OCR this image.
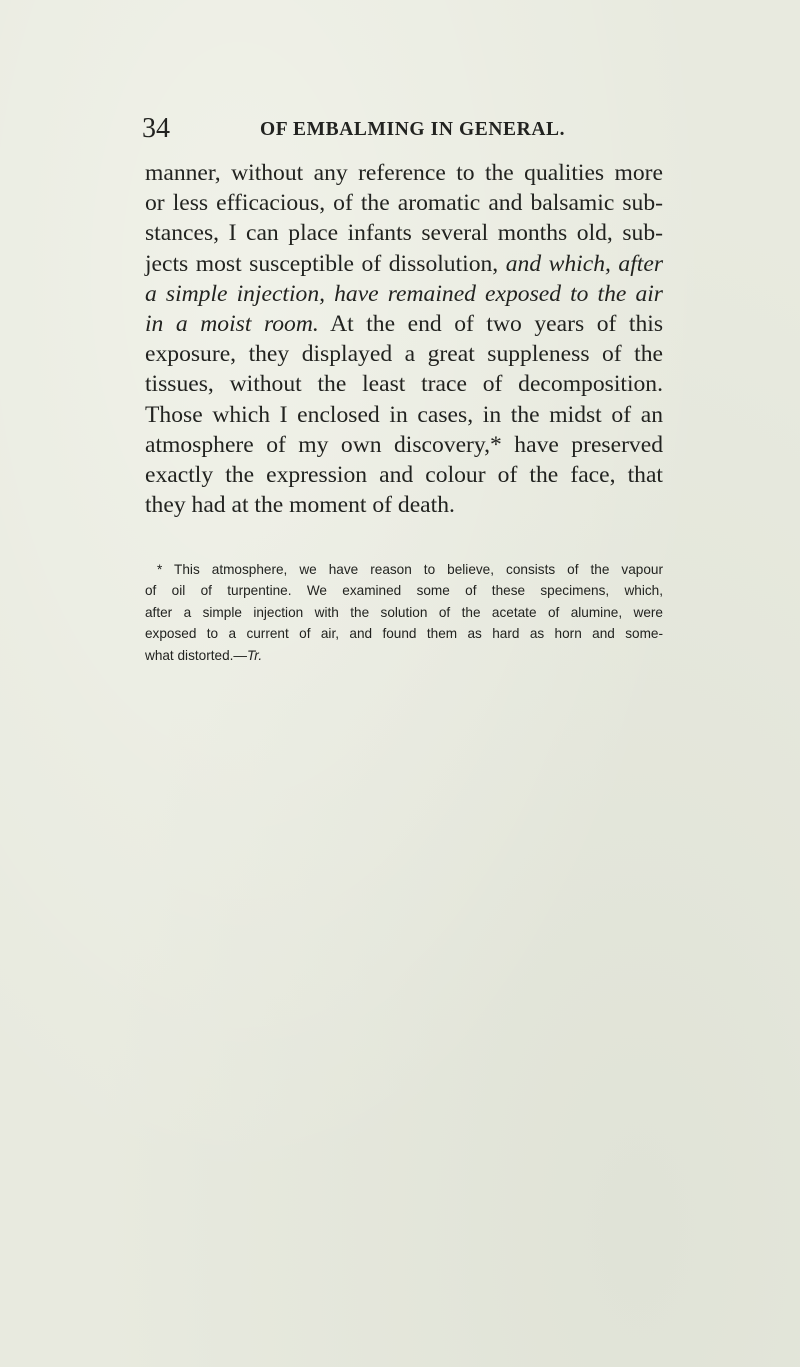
34	OF EMBALMING IN GENERAL.
manner, without any reference to the qualities more
or less efficacious, of the aromatic and balsamic sub-
stances, I can place infants several months old, sub-
jects most susceptible of dissolution, and which, after
a simple injection, have remained exposed to the air
in a moist room. At the end of two years of this
exposure, they displayed a great suppleness of the
tissues, without the least trace of decomposition.
Those which I enclosed in cases, in the midst of an
atmosphere of my own discovery,* have preserved
exactly the expression and colour of the face, that
they had at the moment of death.
* This atmosphere, we have reason to believe, consists of the vapour
of oil of turpentine. We examined some of these specimens, which,
after a simple injection with the solution of the acetate of alumine, were
exposed to a current of air, and found them as hard as horn and some-
what distorted.—Tr.
